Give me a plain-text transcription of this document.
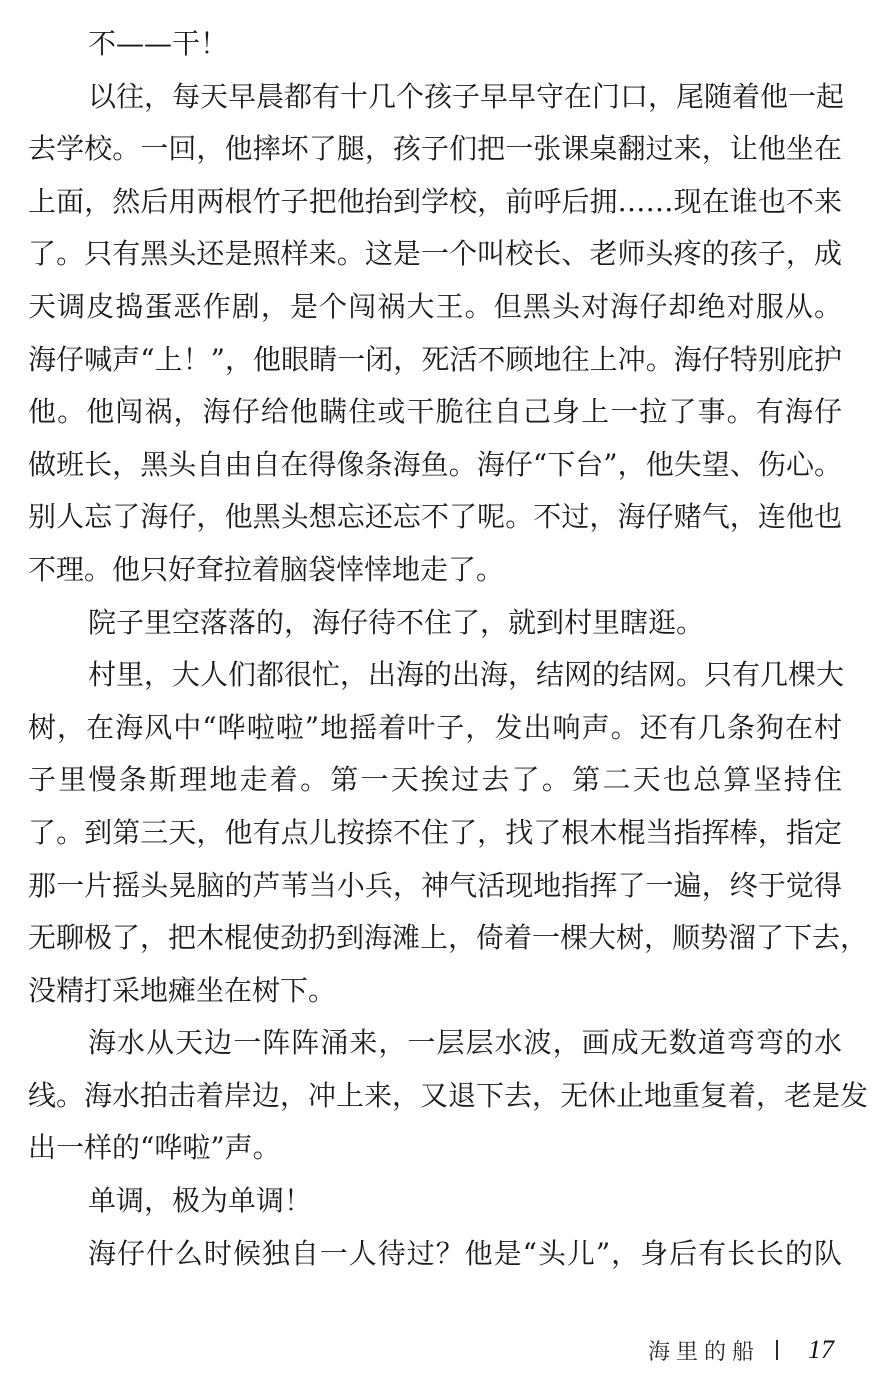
不——干！
以往，每天早晨都有十几个孩子早早守在门口，尾随着他一起
去学校。一回，他摔坏了腿，孩子们把一张课桌翻过来，让他坐在
上面，然后用两根竹子把他抬到学校，前呼后拥……现在谁也不来
了。只有黑头还是照样来。这是一个叫校长、老师头疼的孩子，成
天调皮捣蛋恶作剧，是个闯祸大王。但黑头对海仔却绝对服从。
海仔喊声“上！”，他眼睛一闭，死活不顾地往上冲。海仔特别庇护
他。他闯祸，海仔给他瞒住或干脆往自己身上一拉了事。有海仔
做班长，黑头自由自在得像条海鱼。海仔“下台”，他失望、伤心。
别人忘了海仔，他黑头想忘还忘不了呢。不过，海仔赌气，连他也
不理。他只好耷拉着脑袋悻悻地走了。
院子里空落落的，海仔待不住了，就到村里瞎逛。
村里，大人们都很忙，出海的出海，结网的结网。只有几棵大
树，在海风中“哗啦啦”地摇着叶子，发出响声。还有几条狗在村
子里慢条斯理地走着。第一天挨过去了。第二天也总算坚持住
了。到第三天，他有点儿按捺不住了，找了根木棍当指挥棒，指定
那一片摇头晃脑的芦苇当小兵，神气活现地指挥了一遍，终于觉得
无聊极了，把木棍使劲扔到海滩上，倚着一棵大树，顺势溜了下去，
没精打采地瘫坐在树下。
海水从天边一阵阵涌来，一层层水波，画成无数道弯弯的水
线。海水拍击着岸边，冲上来，又退下去，无休止地重复着，老是发
出一样的“哗啦”声。
单调，极为单调！
海仔什么时候独自一人待过？他是“头儿”，身后有长长的队
海里的船 17
